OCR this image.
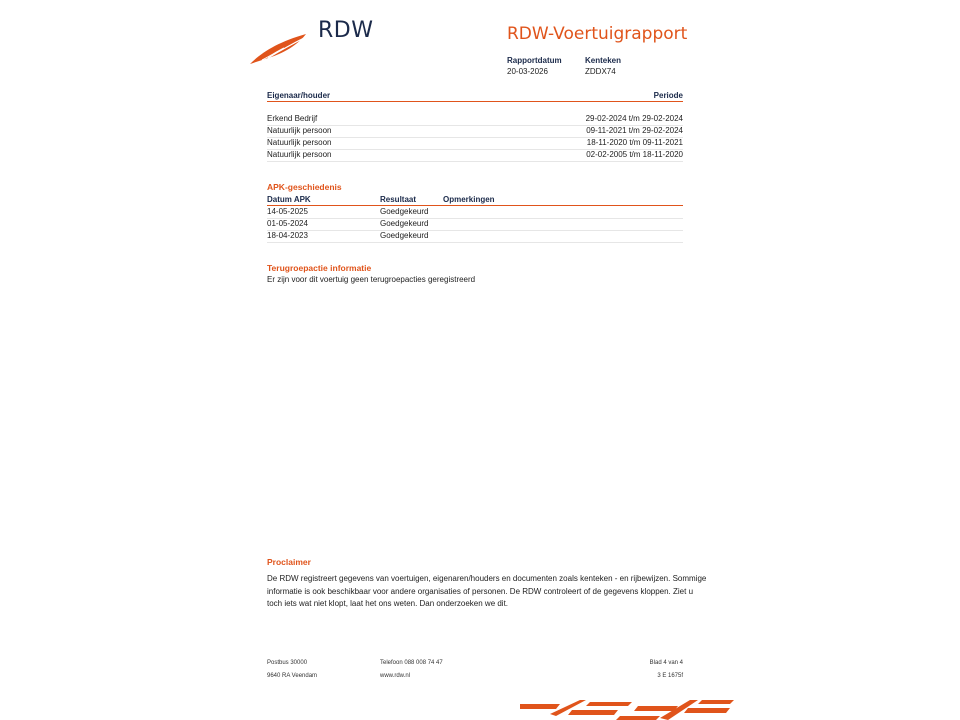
RDW	RDW-Voertuigrapport
Rapportdatum
20-03-2026
Kenteken
ZDDX74
Eigenaar/houder	Periode
Erkend Bedrijf	29-02-2024 t/m 29-02-2024
Natuurlijk persoon	09-11-2021 t/m 29-02-2024
Natuurlijk persoon	18-11-2020 t/m 09-11-2021
Natuurlijk persoon	02-02-2005 t/m 18-11-2020
APK-geschiedenis
Datum APK	Resultaat	Opmerkingen
14-05-2025	Goedgekeurd
01-05-2024	Goedgekeurd
18-04-2023	Goedgekeurd
Terugroepactie informatie
Er zijn voor dit voertuig geen terugroepacties geregistreerd
Proclaimer
De RDW registreert gegevens van voertuigen, eigenaren/houders en documenten zoals kenteken - en rijbewijzen. Sommige informatie is ook beschikbaar voor andere organisaties of personen. De RDW controleert of de gegevens kloppen. Ziet u toch iets wat niet klopt, laat het ons weten. Dan onderzoeken we dit.
Postbus 30000
9640 RA Veendam
Telefoon 088 008 74 47
www.rdw.nl
Blad 4 van 4
3 E 1675f
